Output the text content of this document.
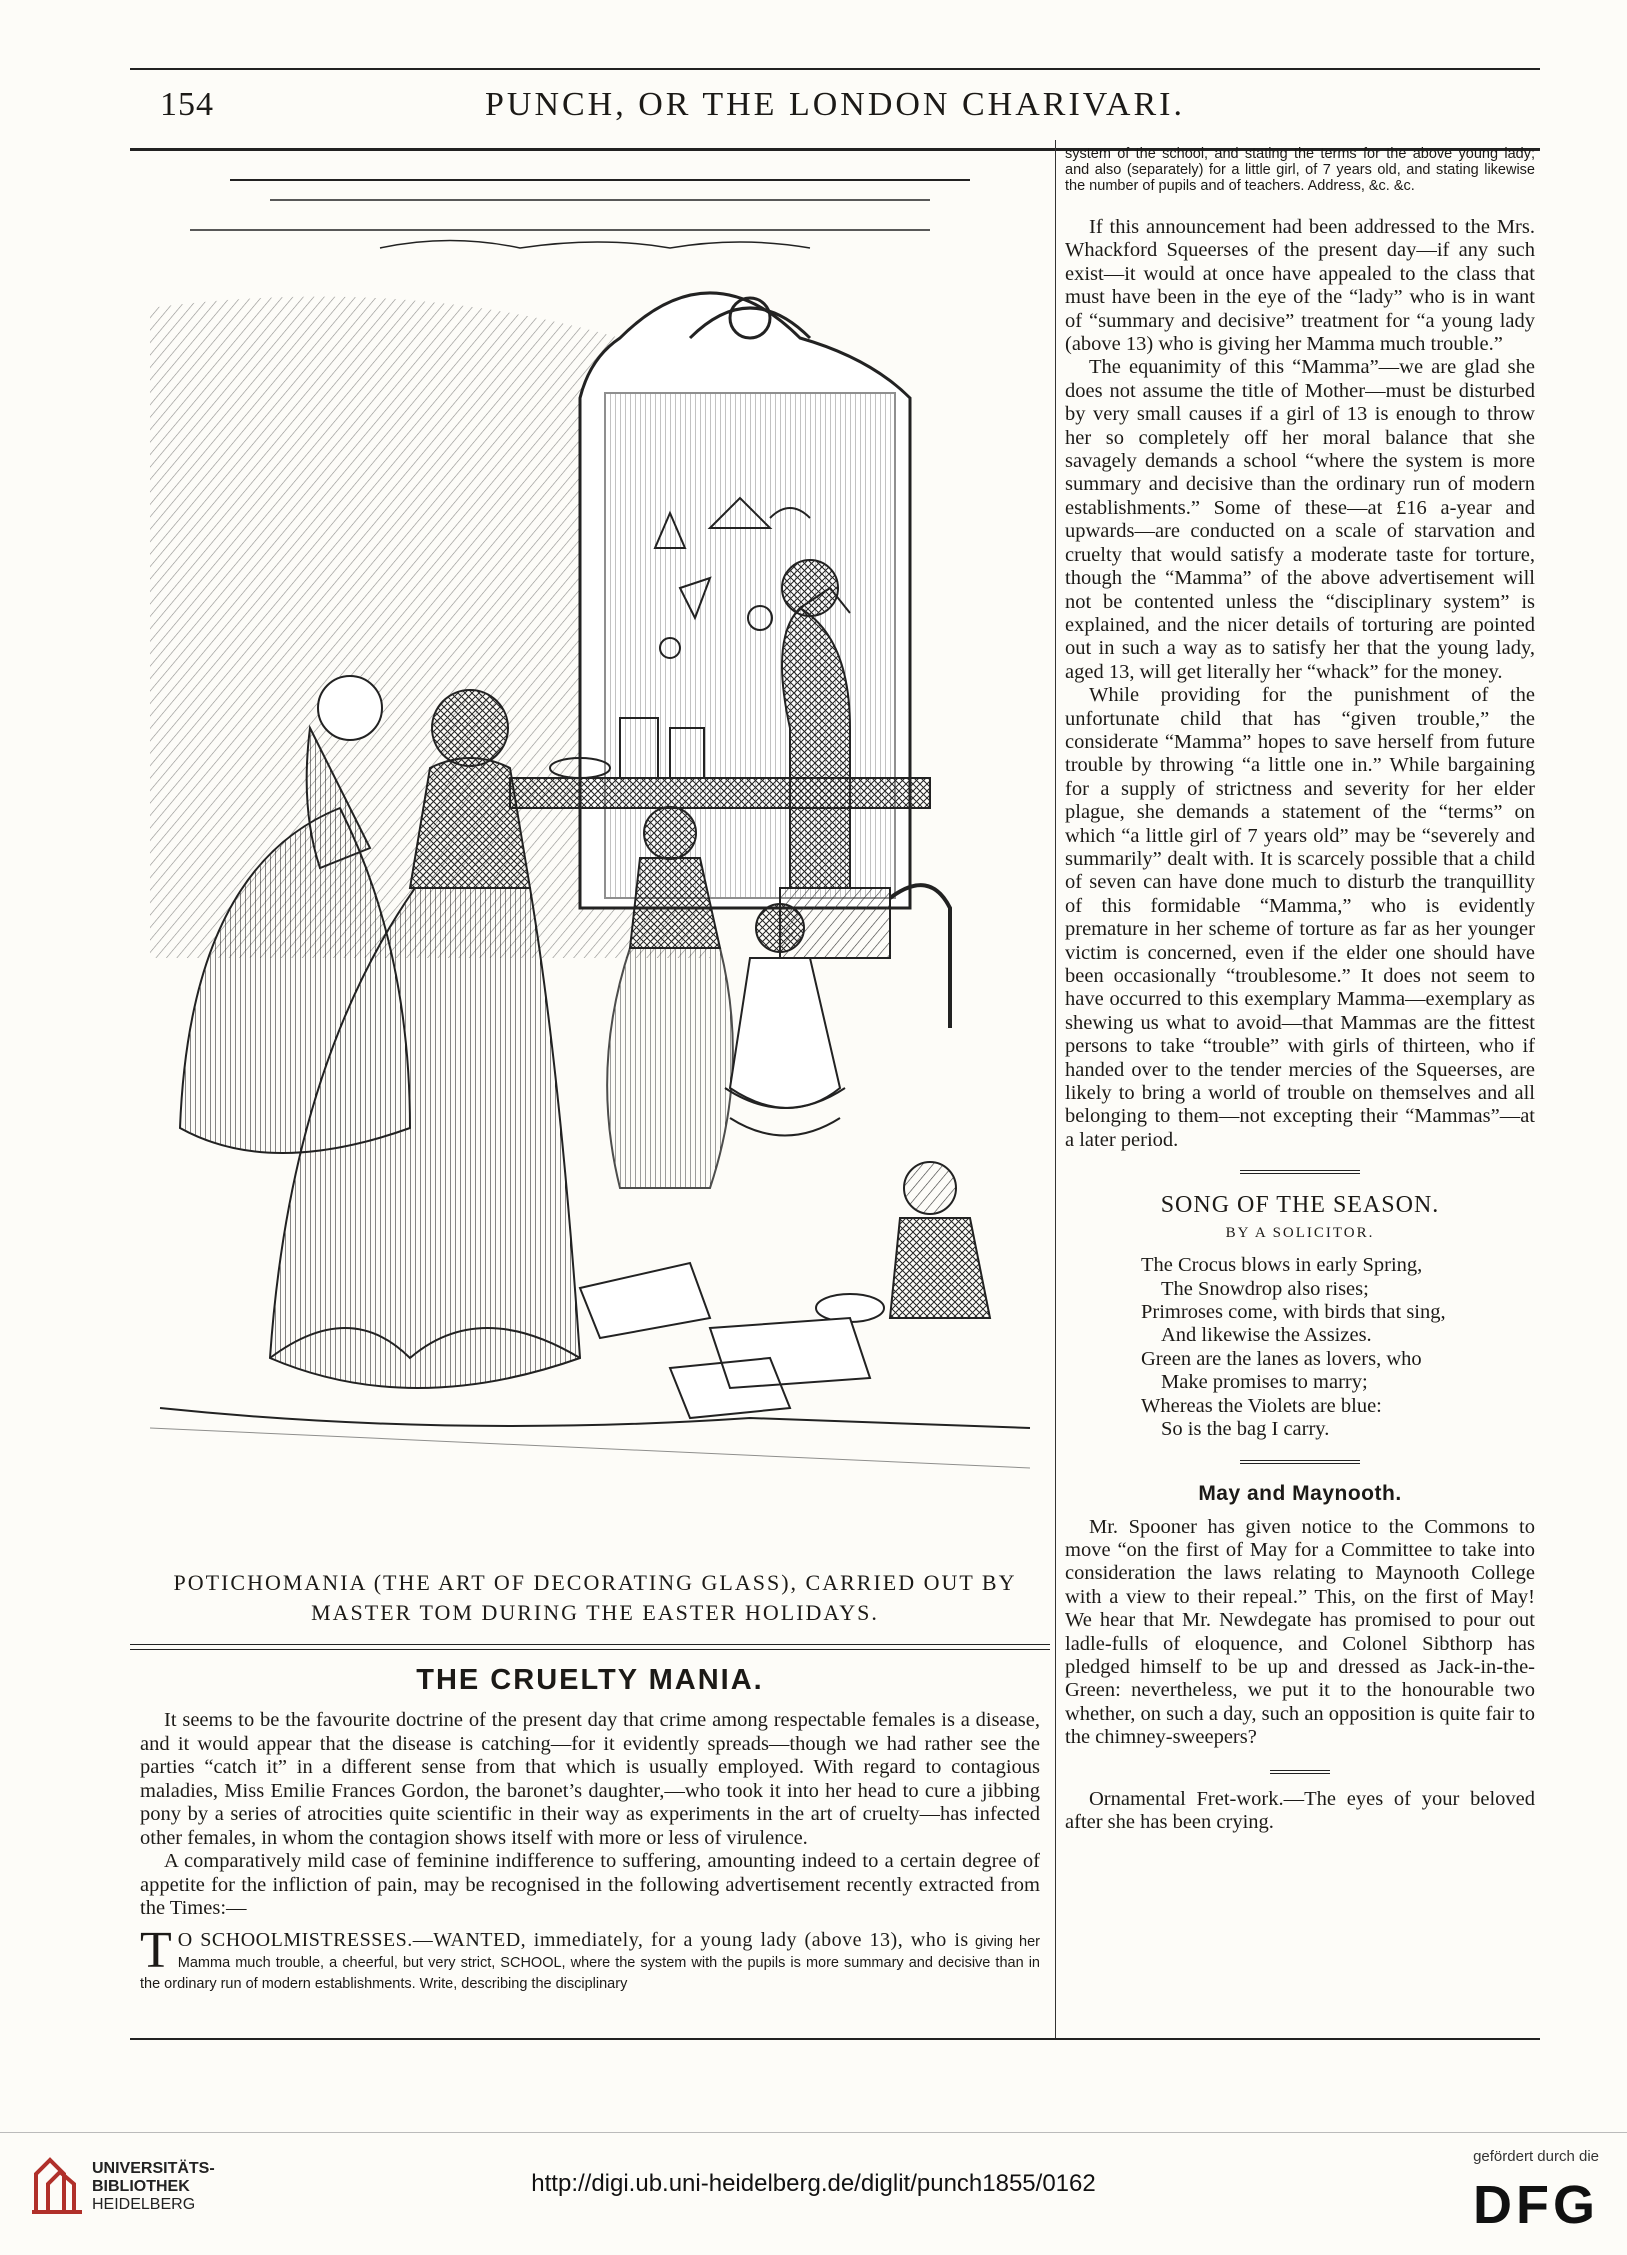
154	PUNCH, OR THE LONDON CHARIVARI.
POTICHOMANIA (THE ART OF DECORATING GLASS), CARRIED OUT BY
MASTER TOM DURING THE EASTER HOLIDAYS.
THE CRUELTY MANIA.

It seems to be the favourite doctrine of the present day that crime among respectable females is a disease, and it would appear that the disease is catching—for it evidently spreads—though we had rather see the parties “catch it” in a different sense from that which is usually employed. With regard to contagious maladies, Miss Emilie Frances Gordon, the baronet’s daughter,—who took it into her head to cure a jibbing pony by a series of atrocities quite scientific in their way as experiments in the art of cruelty—has infected other females, in whom the contagion shows itself with more or less of virulence.

A comparatively mild case of feminine indifference to suffering, amounting indeed to a certain degree of appetite for the infliction of pain, may be recognised in the following advertisement recently extracted from the Times:—

T O SCHOOLMISTRESSES.—WANTED, immediately, for a young lady (above 13), who is giving her Mamma much trouble, a cheerful, but very strict, SCHOOL, where the system with the pupils is more summary and decisive than in the ordinary run of modern establishments. Write, describing the disciplinary

system of the school, and stating the terms for the above young lady; and also (separately) for a little girl, of 7 years old, and stating likewise the number of pupils and of teachers. Address, &c. &c.

If this announcement had been addressed to the Mrs. Whackford Squeerses of the present day—if any such exist—it would at once have appealed to the class that must have been in the eye of the “lady” who is in want of “summary and decisive” treatment for “a young lady (above 13) who is giving her Mamma much trouble.”

The equanimity of this “Mamma”—we are glad she does not assume the title of Mother—must be disturbed by very small causes if a girl of 13 is enough to throw her so completely off her moral balance that she savagely demands a school “where the system is more summary and decisive than the ordinary run of modern establishments.” Some of these—at £16 a-year and upwards—are conducted on a scale of starvation and cruelty that would satisfy a moderate taste for torture, though the “Mamma” of the above advertisement will not be contented unless the “disciplinary system” is explained, and the nicer details of torturing are pointed out in such a way as to satisfy her that the young lady, aged 13, will get literally her “whack” for the money.

While providing for the punishment of the unfortunate child that has “given trouble,” the considerate “Mamma” hopes to save herself from future trouble by throwing “a little one in.” While bargaining for a supply of strictness and severity for her elder plague, she demands a statement of the “terms” on which “a little girl of 7 years old” may be “severely and summarily” dealt with. It is scarcely possible that a child of seven can have done much to disturb the tranquillity of this formidable “Mamma,” who is evidently premature in her scheme of torture as far as her younger victim is concerned, even if the elder one should have been occasionally “troublesome.” It does not seem to have occurred to this exemplary Mamma—exemplary as shewing us what to avoid—that Mammas are the fittest persons to take “trouble” with girls of thirteen, who if handed over to the tender mercies of the Squeerses, are likely to bring a world of trouble on themselves and all belonging to them—not excepting their “Mammas”—at a later period.

SONG OF THE SEASON.
BY A SOLICITOR.
The Crocus blows in early Spring,
The Snowdrop also rises;
Primroses come, with birds that sing,
And likewise the Assizes.
Green are the lanes as lovers, who
Make promises to marry;
Whereas the Violets are blue:
So is the bag I carry.
May and Maynooth.

Mr. Spooner has given notice to the Commons to move “on the first of May for a Committee to take into consideration the laws relating to Maynooth College with a view to their repeal.” This, on the first of May! We hear that Mr. Newdegate has promised to pour out ladle-fulls of eloquence, and Colonel Sibthorp has pledged himself to be up and dressed as Jack-in-the-Green: nevertheless, we put it to the honourable two whether, on such a day, such an opposition is quite fair to the chimney-sweepers?

Ornamental Fret-work.—The eyes of your beloved after she has been crying.

UNIVERSITÄTS-
BIBLIOTHEK
HEIDELBERG
http://digi.ub.uni-heidelberg.de/diglit/punch1855/0162
gefördert durch die
DFG
